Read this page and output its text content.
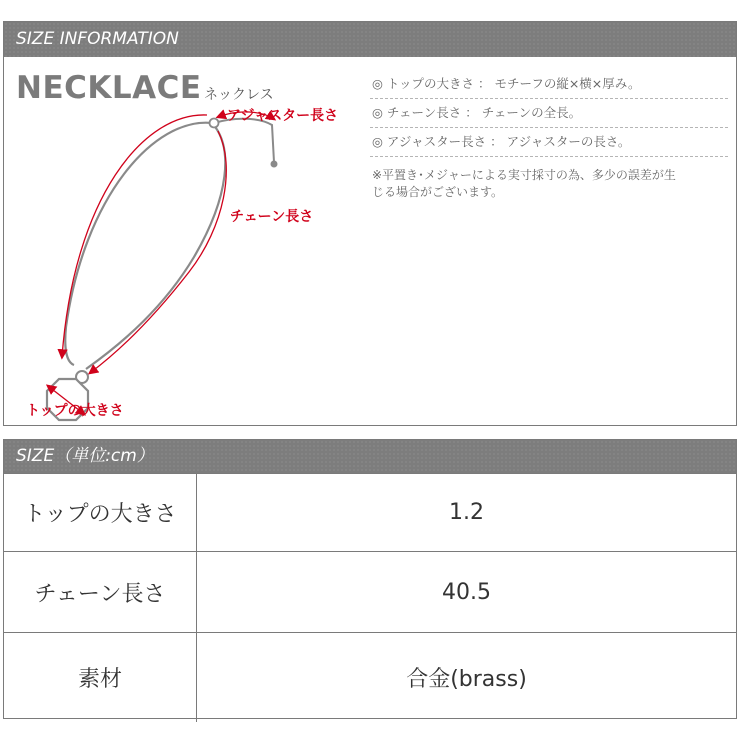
SIZE INFORMATION
NECKLACE ネックレス
アジャスター長さ
チェーン長さ
トップの大きさ
◎ トップの大きさ ： モチーフの縦×横×厚み。
◎ チェーン長さ ： チェーンの全長。
◎ アジャスター長さ ： アジャスターの長さ。
※平置き･メジャーによる実寸採寸の為、多少の誤差が生
じる場合がございます。
SIZE（単位:cm）
トップの大きさ	1.2
チェーン長さ	40.5
素材	合金(brass)
